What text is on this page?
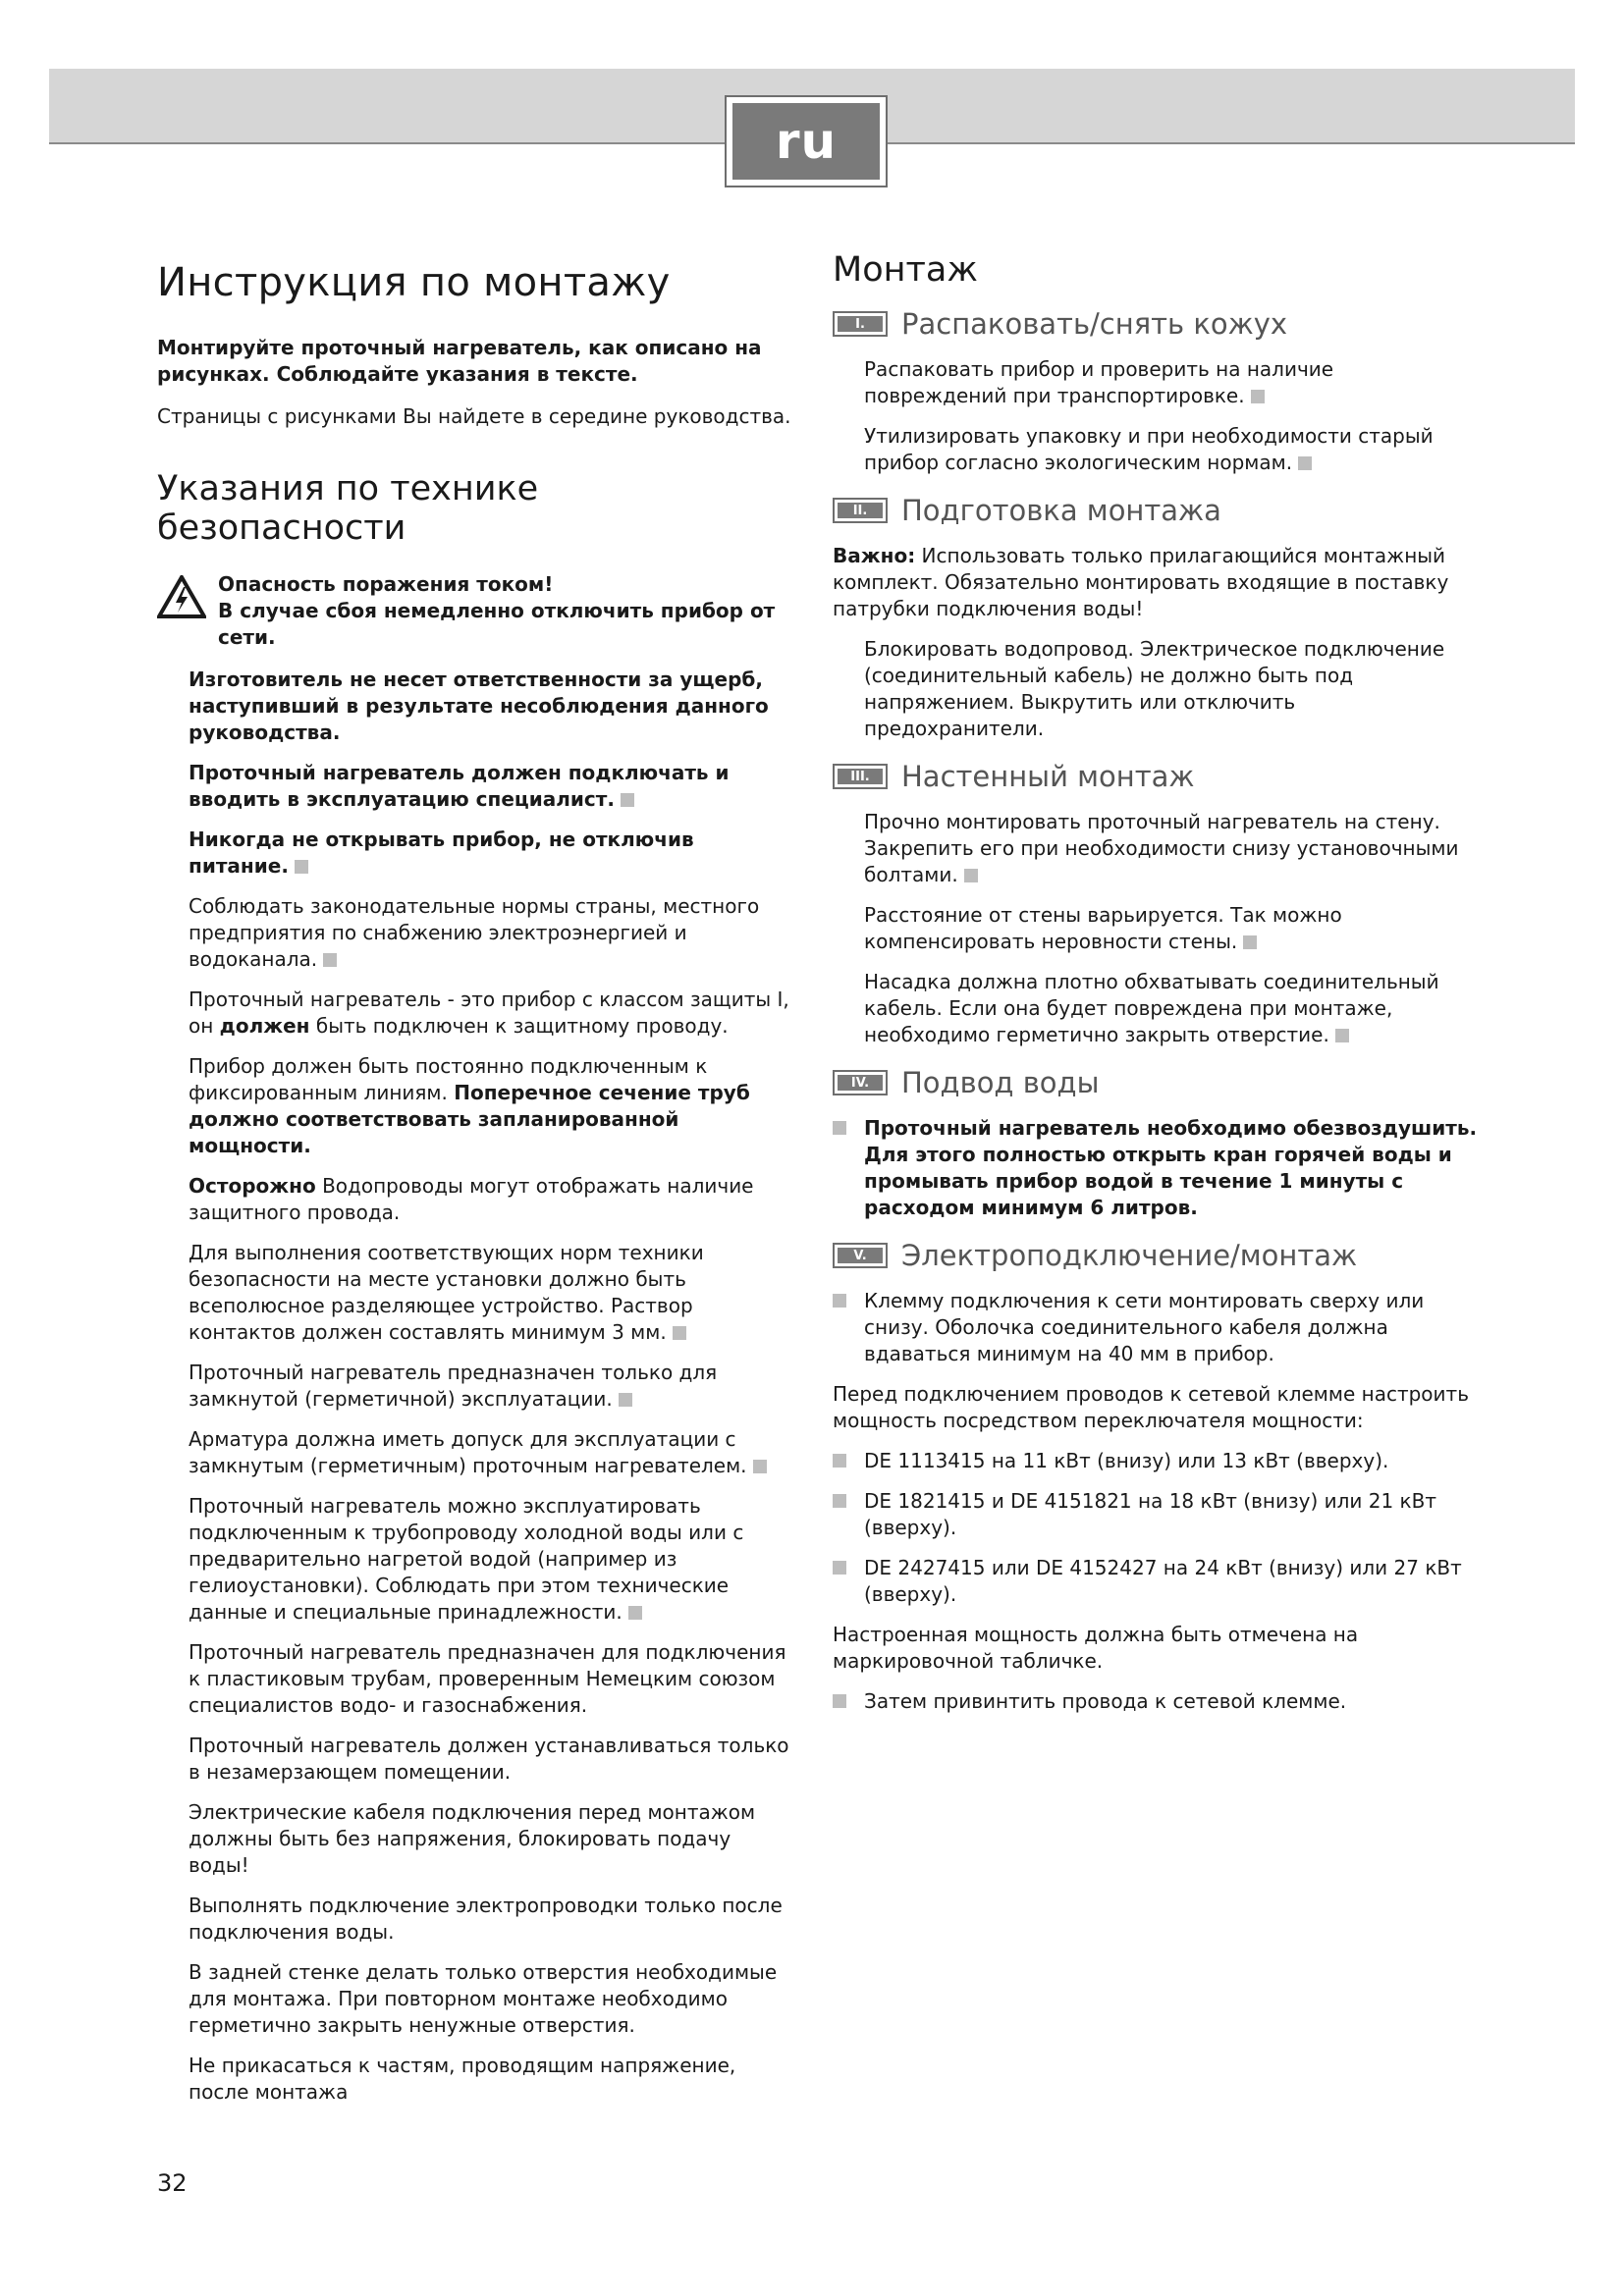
ru
Инструкция по монтажу
Монтируйте проточный нагреватель, как описано на рисунках. Соблюдайте указания в тексте.
Страницы с рисунками Вы найдете в середине руководства.
Указания по технике безопасности
Опасность поражения током!
В случае сбоя немедленно отключить прибор от сети.
Изготовитель не несет ответственности за ущерб, наступивший в результате несоблюдения данного руководства.
Проточный нагреватель должен подключать и вводить в эксплуатацию специалист.
Никогда не открывать прибор, не отключив питание.
Соблюдать законодательные нормы страны, местного предприятия по снабжению электроэнергией и водоканала.
Проточный нагреватель - это прибор с классом защиты I, он должен быть подключен к защитному проводу.
Прибор должен быть постоянно подключенным к фиксированным линиям. Поперечное сечение труб должно соответствовать запланированной мощности.
Осторожно Водопроводы могут отображать наличие защитного провода.
Для выполнения соответствующих норм техники безопасности на месте установки должно быть всеполюсное разделяющее устройство. Раствор контактов должен составлять минимум 3 мм.
Проточный нагреватель предназначен только для замкнутой (герметичной) эксплуатации.
Арматура должна иметь допуск для эксплуатации с замкнутым (герметичным) проточным нагревателем.
Проточный нагреватель можно эксплуатировать подключенным к трубопроводу холодной воды или с предварительно нагретой водой (например из гелиоустановки). Соблюдать при этом технические данные и специальные принадлежности.
Проточный нагреватель предназначен для подключения к пластиковым трубам, проверенным Немецким союзом специалистов водо- и газоснабжения.
Проточный нагреватель должен устанавливаться только в незамерзающем помещении.
Электрические кабеля подключения перед монтажом должны быть без напряжения, блокировать подачу воды!
Выполнять подключение электропроводки только после подключения воды.
В задней стенке делать только отверстия необходимые для монтажа. При повторном монтаже необходимо герметично закрыть ненужные отверстия.
Не прикасаться к частям, проводящим напряжение, после монтажа
Монтаж
I.	Распаковать/снять кожух
Распаковать прибор и проверить на наличие повреждений при транспортировке.
Утилизировать упаковку и при необходимости старый прибор согласно экологическим нормам.
II.	Подготовка монтажа
Важно: Использовать только прилагающийся монтажный комплект. Обязательно монтировать входящие в поставку патрубки подключения воды!
Блокировать водопровод. Электрическое подключение (соединительный кабель) не должно быть под напряжением. Выкрутить или отключить предохранители.
III.	Настенный монтаж
Прочно монтировать проточный нагреватель на стену. Закрепить его при необходимости снизу установочными болтами.
Расстояние от стены варьируется. Так можно компенсировать неровности стены.
Насадка должна плотно обхватывать соединительный кабель. Если она будет повреждена при монтаже, необходимо герметично закрыть отверстие.
IV.	Подвод воды
Проточный нагреватель необходимо обезвоздушить. Для этого полностью открыть кран горячей воды и промывать прибор водой в течение 1 минуты с расходом минимум 6 литров.
V.	Электроподключение/монтаж
Клемму подключения к сети монтировать сверху или снизу. Оболочка соединительного кабеля должна вдаваться минимум на 40 мм в прибор.
Перед подключением проводов к сетевой клемме настроить мощность посредством переключателя мощности:
DE 1113415 на 11 кВт (внизу) или 13 кВт (вверху).
DE 1821415 и DE 4151821 на 18 кВт (внизу) или 21 кВт (вверху).
DE 2427415 или DE 4152427 на 24 кВт (внизу) или 27 кВт (вверху).
Настроенная мощность должна быть отмечена на маркировочной табличке.
Затем привинтить провода к сетевой клемме.
32
